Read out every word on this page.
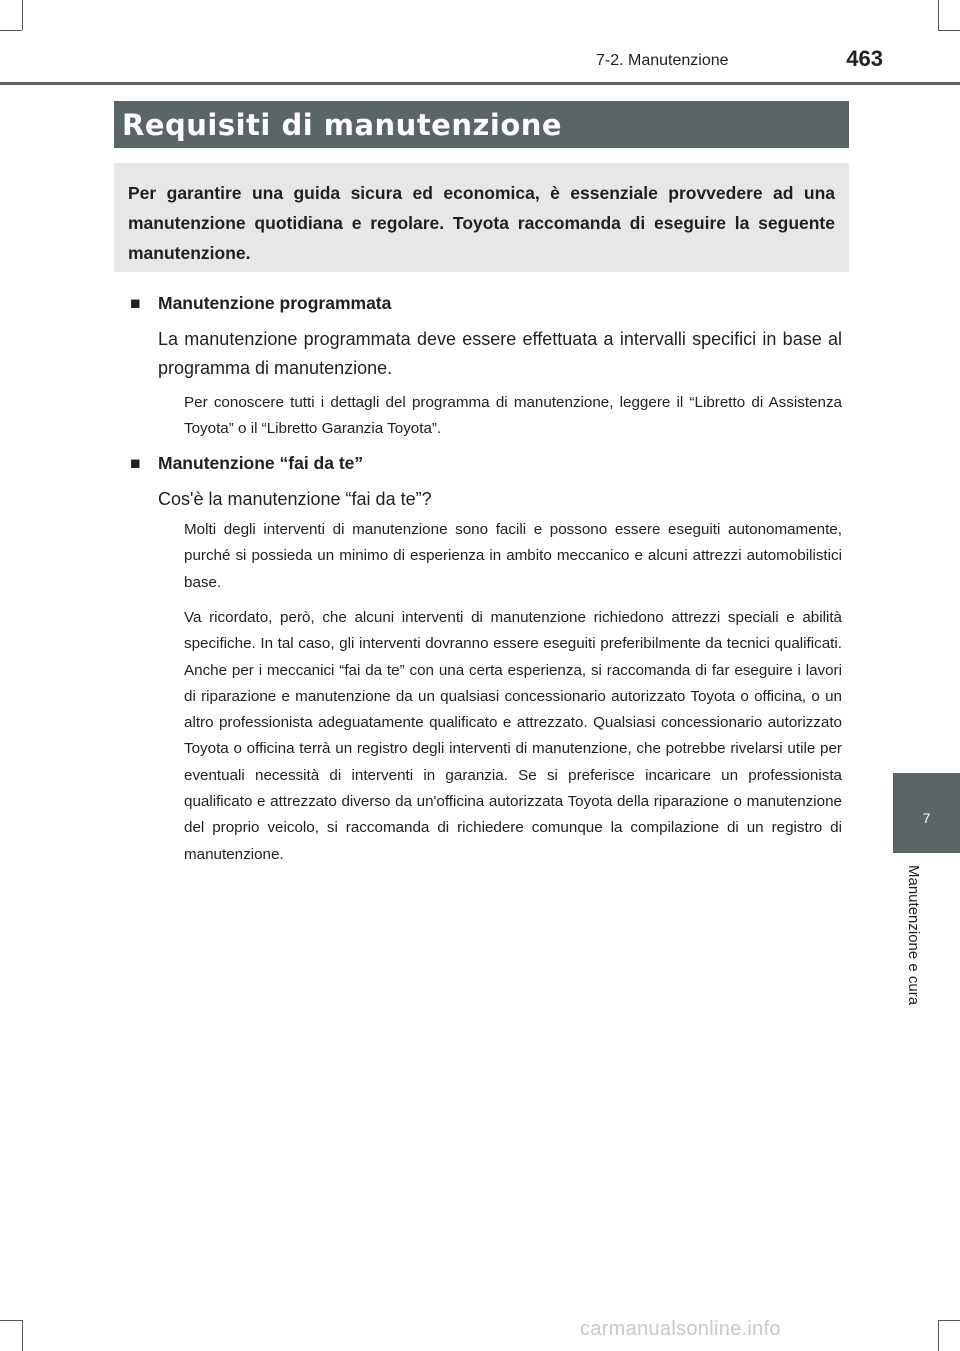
7-2. Manutenzione	463
Requisiti di manutenzione
Per garantire una guida sicura ed economica, è essenziale provvedere ad una manutenzione quotidiana e regolare. Toyota raccomanda di eseguire la seguente manutenzione.
■ Manutenzione programmata
La manutenzione programmata deve essere effettuata a intervalli specifici in base al programma di manutenzione.
Per conoscere tutti i dettagli del programma di manutenzione, leggere il “Libretto di Assistenza Toyota” o il “Libretto Garanzia Toyota”.
■ Manutenzione “fai da te”
Cos'è la manutenzione “fai da te”?
Molti degli interventi di manutenzione sono facili e possono essere eseguiti autonomamente, purché si possieda un minimo di esperienza in ambito meccanico e alcuni attrezzi automobilistici base.
Va ricordato, però, che alcuni interventi di manutenzione richiedono attrezzi speciali e abilità specifiche. In tal caso, gli interventi dovranno essere eseguiti preferibilmente da tecnici qualificati. Anche per i meccanici “fai da te” con una certa esperienza, si raccomanda di far eseguire i lavori di riparazione e manutenzione da un qualsiasi concessionario autorizzato Toyota o officina, o un altro professionista adeguatamente qualificato e attrezzato. Qualsiasi concessionario autorizzato Toyota o officina terrà un registro degli interventi di manutenzione, che potrebbe rivelarsi utile per eventuali necessità di interventi in garanzia. Se si preferisce incaricare un professionista qualificato e attrezzato diverso da un'officina autorizzata Toyota della riparazione o manutenzione del proprio veicolo, si raccomanda di richiedere comunque la compilazione di un registro di manutenzione.
7
Manutenzione e cura
carmanualsonline.info
